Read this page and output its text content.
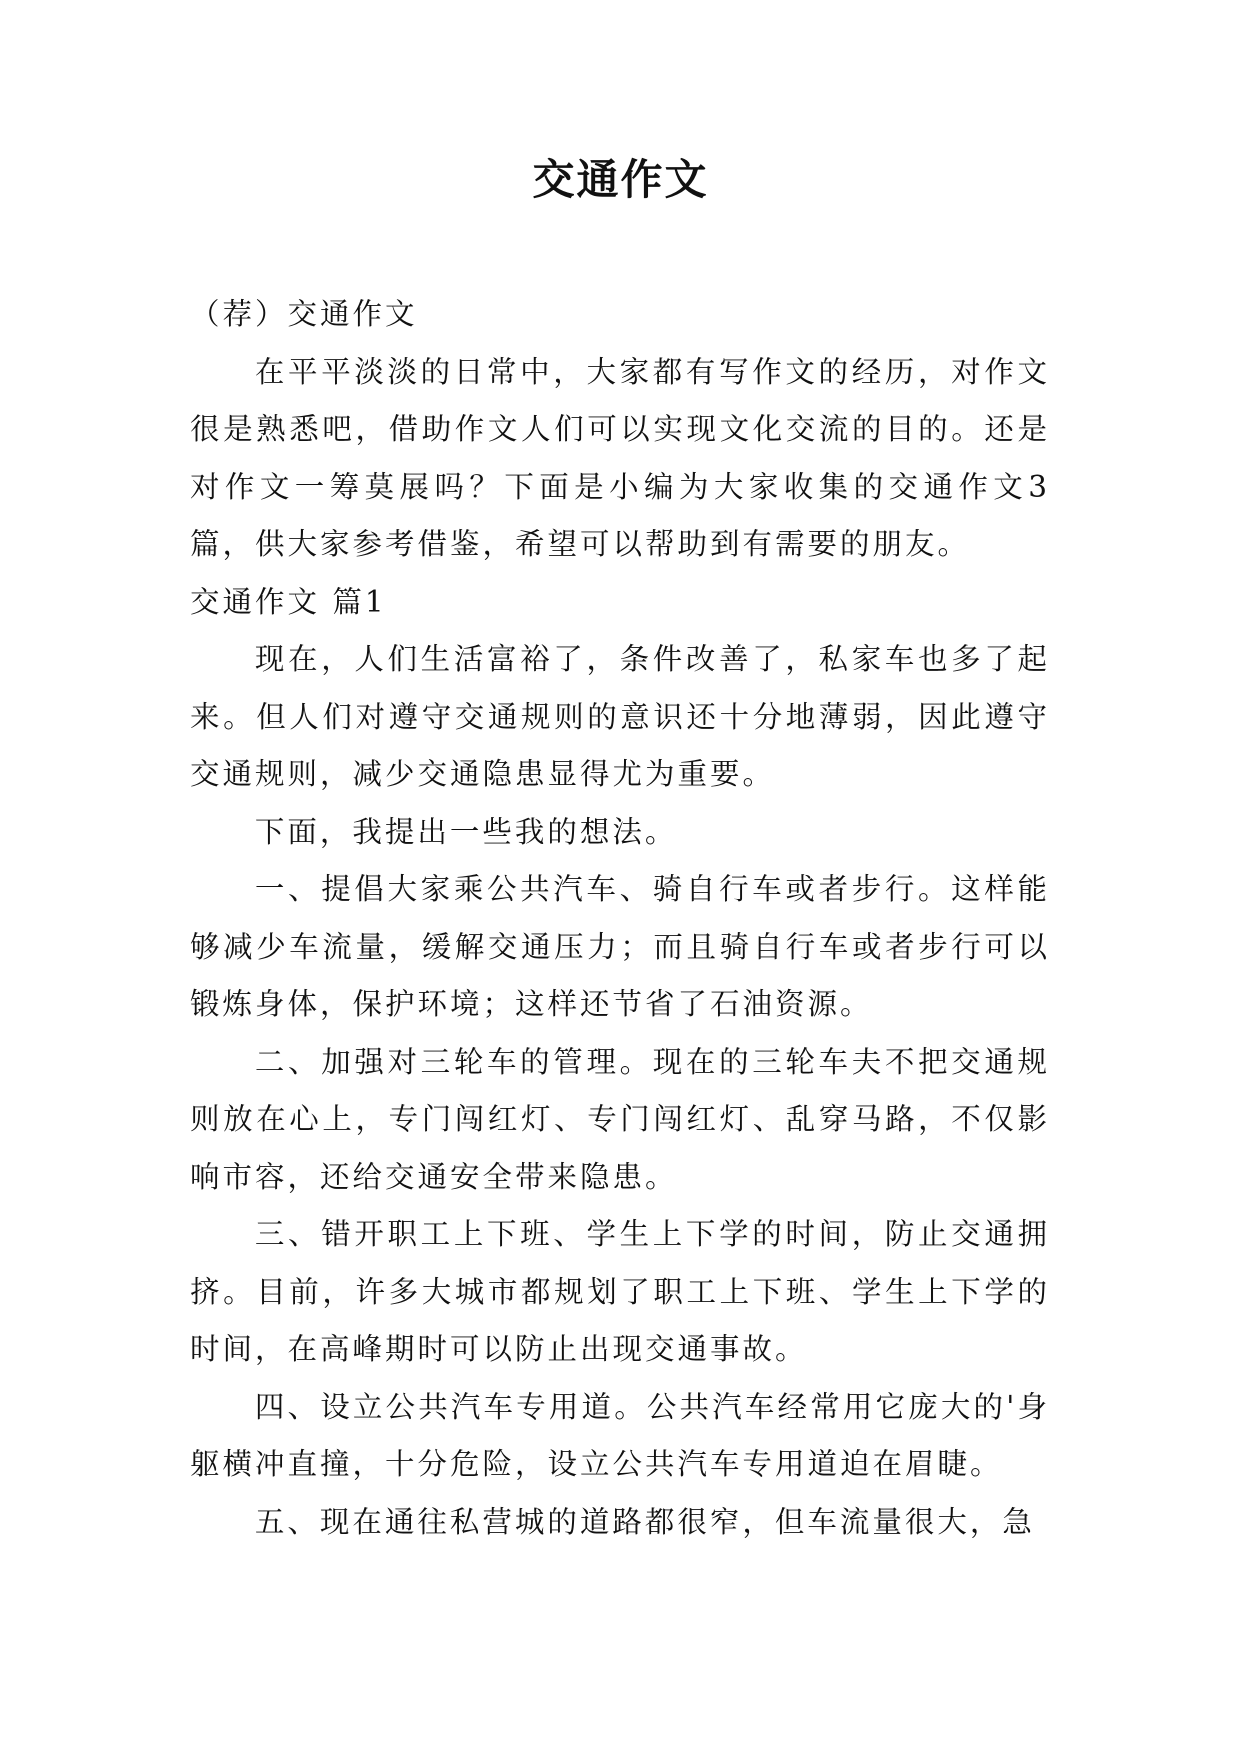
交通作文

（荐）交通作文

在平平淡淡的日常中，大家都有写作文的经历，对作文很是熟悉吧，借助作文人们可以实现文化交流的目的。还是对作文一筹莫展吗？下面是小编为大家收集的交通作文3篇，供大家参考借鉴，希望可以帮助到有需要的朋友。

交通作文 篇1

现在，人们生活富裕了，条件改善了，私家车也多了起来。但人们对遵守交通规则的意识还十分地薄弱，因此遵守交通规则，减少交通隐患显得尤为重要。

下面，我提出一些我的想法。

一、提倡大家乘公共汽车、骑自行车或者步行。这样能够减少车流量，缓解交通压力；而且骑自行车或者步行可以锻炼身体，保护环境；这样还节省了石油资源。

二、加强对三轮车的管理。现在的三轮车夫不把交通规则放在心上，专门闯红灯、专门闯红灯、乱穿马路，不仅影响市容，还给交通安全带来隐患。

三、错开职工上下班、学生上下学的时间，防止交通拥挤。目前，许多大城市都规划了职工上下班、学生上下学的时间，在高峰期时可以防止出现交通事故。

四、设立公共汽车专用道。公共汽车经常用它庞大的'身躯横冲直撞，十分危险，设立公共汽车专用道迫在眉睫。

五、现在通往私营城的道路都很窄，但车流量很大，急
